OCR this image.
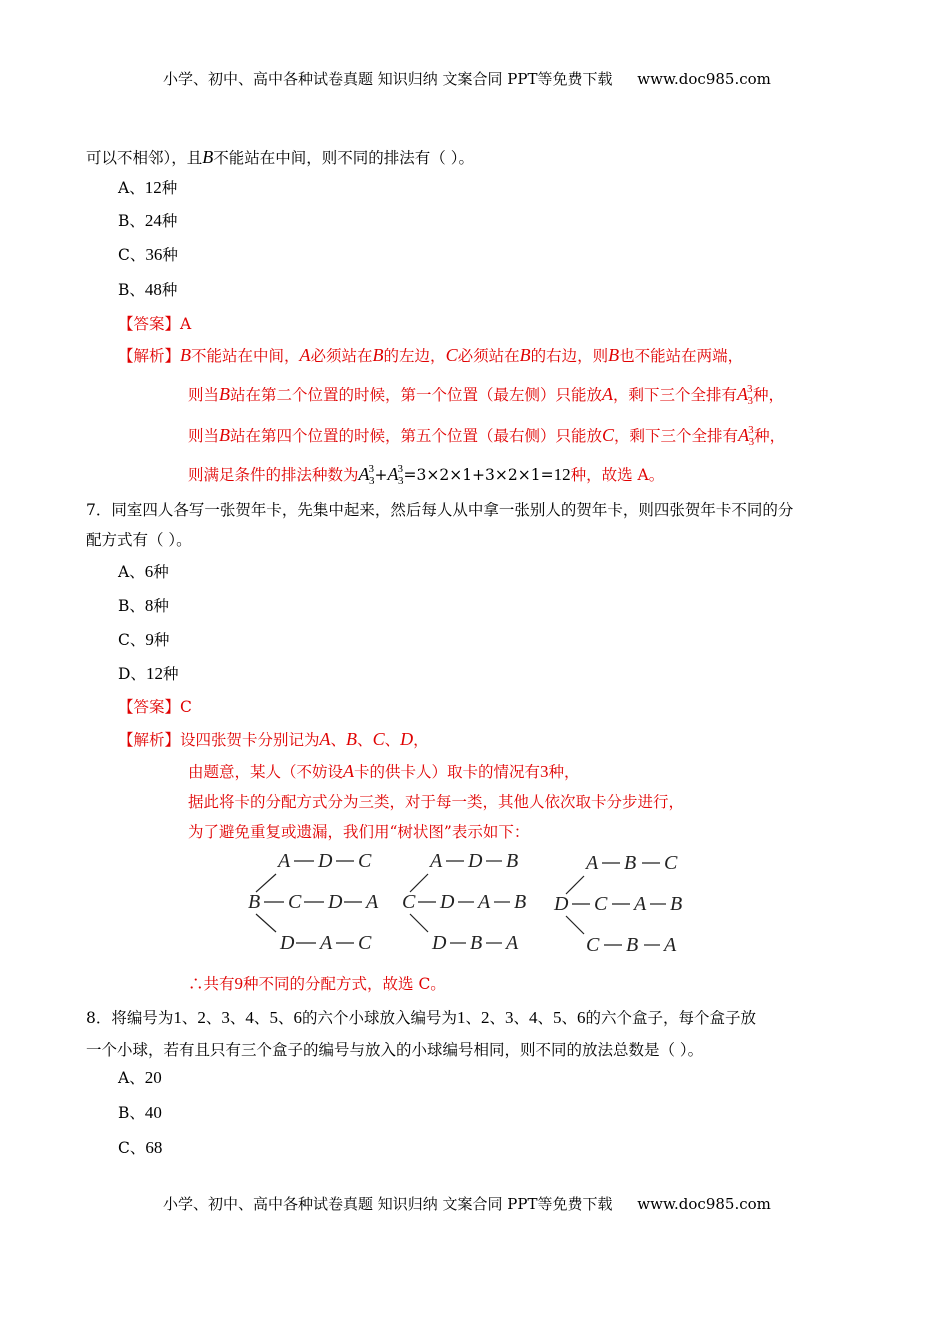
小学、初中、高中各种试卷真题 知识归纳 文案合同 PPT等免费下载 www.doc985.com
可以不相邻），且B不能站在中间，则不同的排法有（ ）。
A、12种
B、24种
C、36种
B、48种
【答案】A
【解析】B不能站在中间，A必须站在B的左边，C必须站在B的右边，则B也不能站在两端，
则当B站在第二个位置的时候，第一个位置（最左侧）只能放A，剩下三个全排有$A^3_3$种，
则当B站在第四个位置的时候，第五个位置（最右侧）只能放C，剩下三个全排有$A^3_3$种，
则满足条件的排法种数为$A^3_3+A^3_3=3\times 2\times 1+3\times 2\times 1=12$种，故选 A。
7．同室四人各写一张贺年卡，先集中起来，然后每人从中拿一张别人的贺年卡，则四张贺年卡不同的分
配方式有（ ）。
A、6种
B、8种
C、9种
D、12种
【答案】C
【解析】设四张贺卡分别记为A、B、C、D，
由题意，某人（不妨设A卡的供卡人）取卡的情况有3种，
据此将卡的分配方式分为三类，对于每一类，其他人依次取卡分步进行，
为了避免重复或遗漏，我们用“树状图”表示如下：
A D C
B C D A
D A C
A D B
C D A B
D B A
A B C
D C A B
C B A
∴共有9种不同的分配方式，故选 C。
8．将编号为1、2、3、4、5、6的六个小球放入编号为1、2、3、4、5、6的六个盒子，每个盒子放
一个小球，若有且只有三个盒子的编号与放入的小球编号相同，则不同的放法总数是（ ）。
A、20
B、40
C、68
小学、初中、高中各种试卷真题 知识归纳 文案合同 PPT等免费下载 www.doc985.com
